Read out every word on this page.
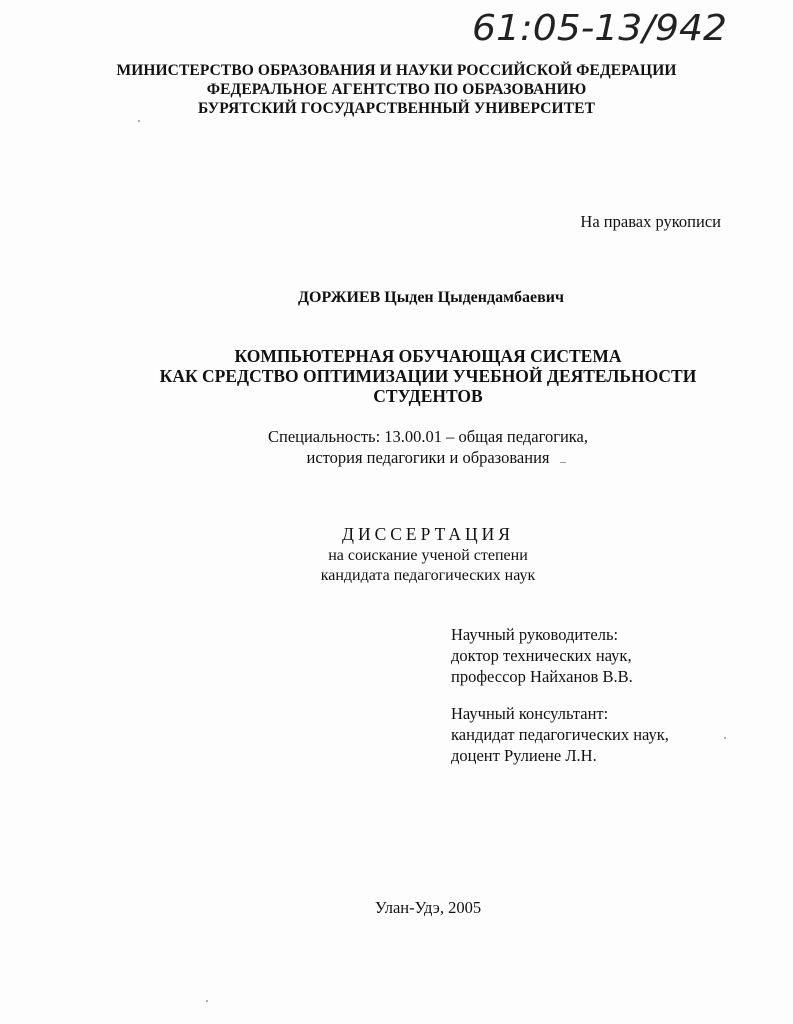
61:05-13/942
МИНИСТЕРСТВО ОБРАЗОВАНИЯ И НАУКИ РОССИЙСКОЙ ФЕДЕРАЦИИ
ФЕДЕРАЛЬНОЕ АГЕНТСТВО ПО ОБРАЗОВАНИЮ
БУРЯТСКИЙ ГОСУДАРСТВЕННЫЙ УНИВЕРСИТЕТ
На правах рукописи
ДОРЖИЕВ Цыден Цыдендамбаевич
КОМПЬЮТЕРНАЯ ОБУЧАЮЩАЯ СИСТЕМА
КАК СРЕДСТВО ОПТИМИЗАЦИИ УЧЕБНОЙ ДЕЯТЕЛЬНОСТИ
СТУДЕНТОВ
Специальность: 13.00.01 – общая педагогика,
история педагогики и образования
ДИССЕРТАЦИЯ
на соискание ученой степени
кандидата педагогических наук
Научный руководитель:
доктор технических наук,
профессор Найханов В.В.
Научный консультант:
кандидат педагогических наук,
доцент Рулиене Л.Н.
Улан-Удэ, 2005
